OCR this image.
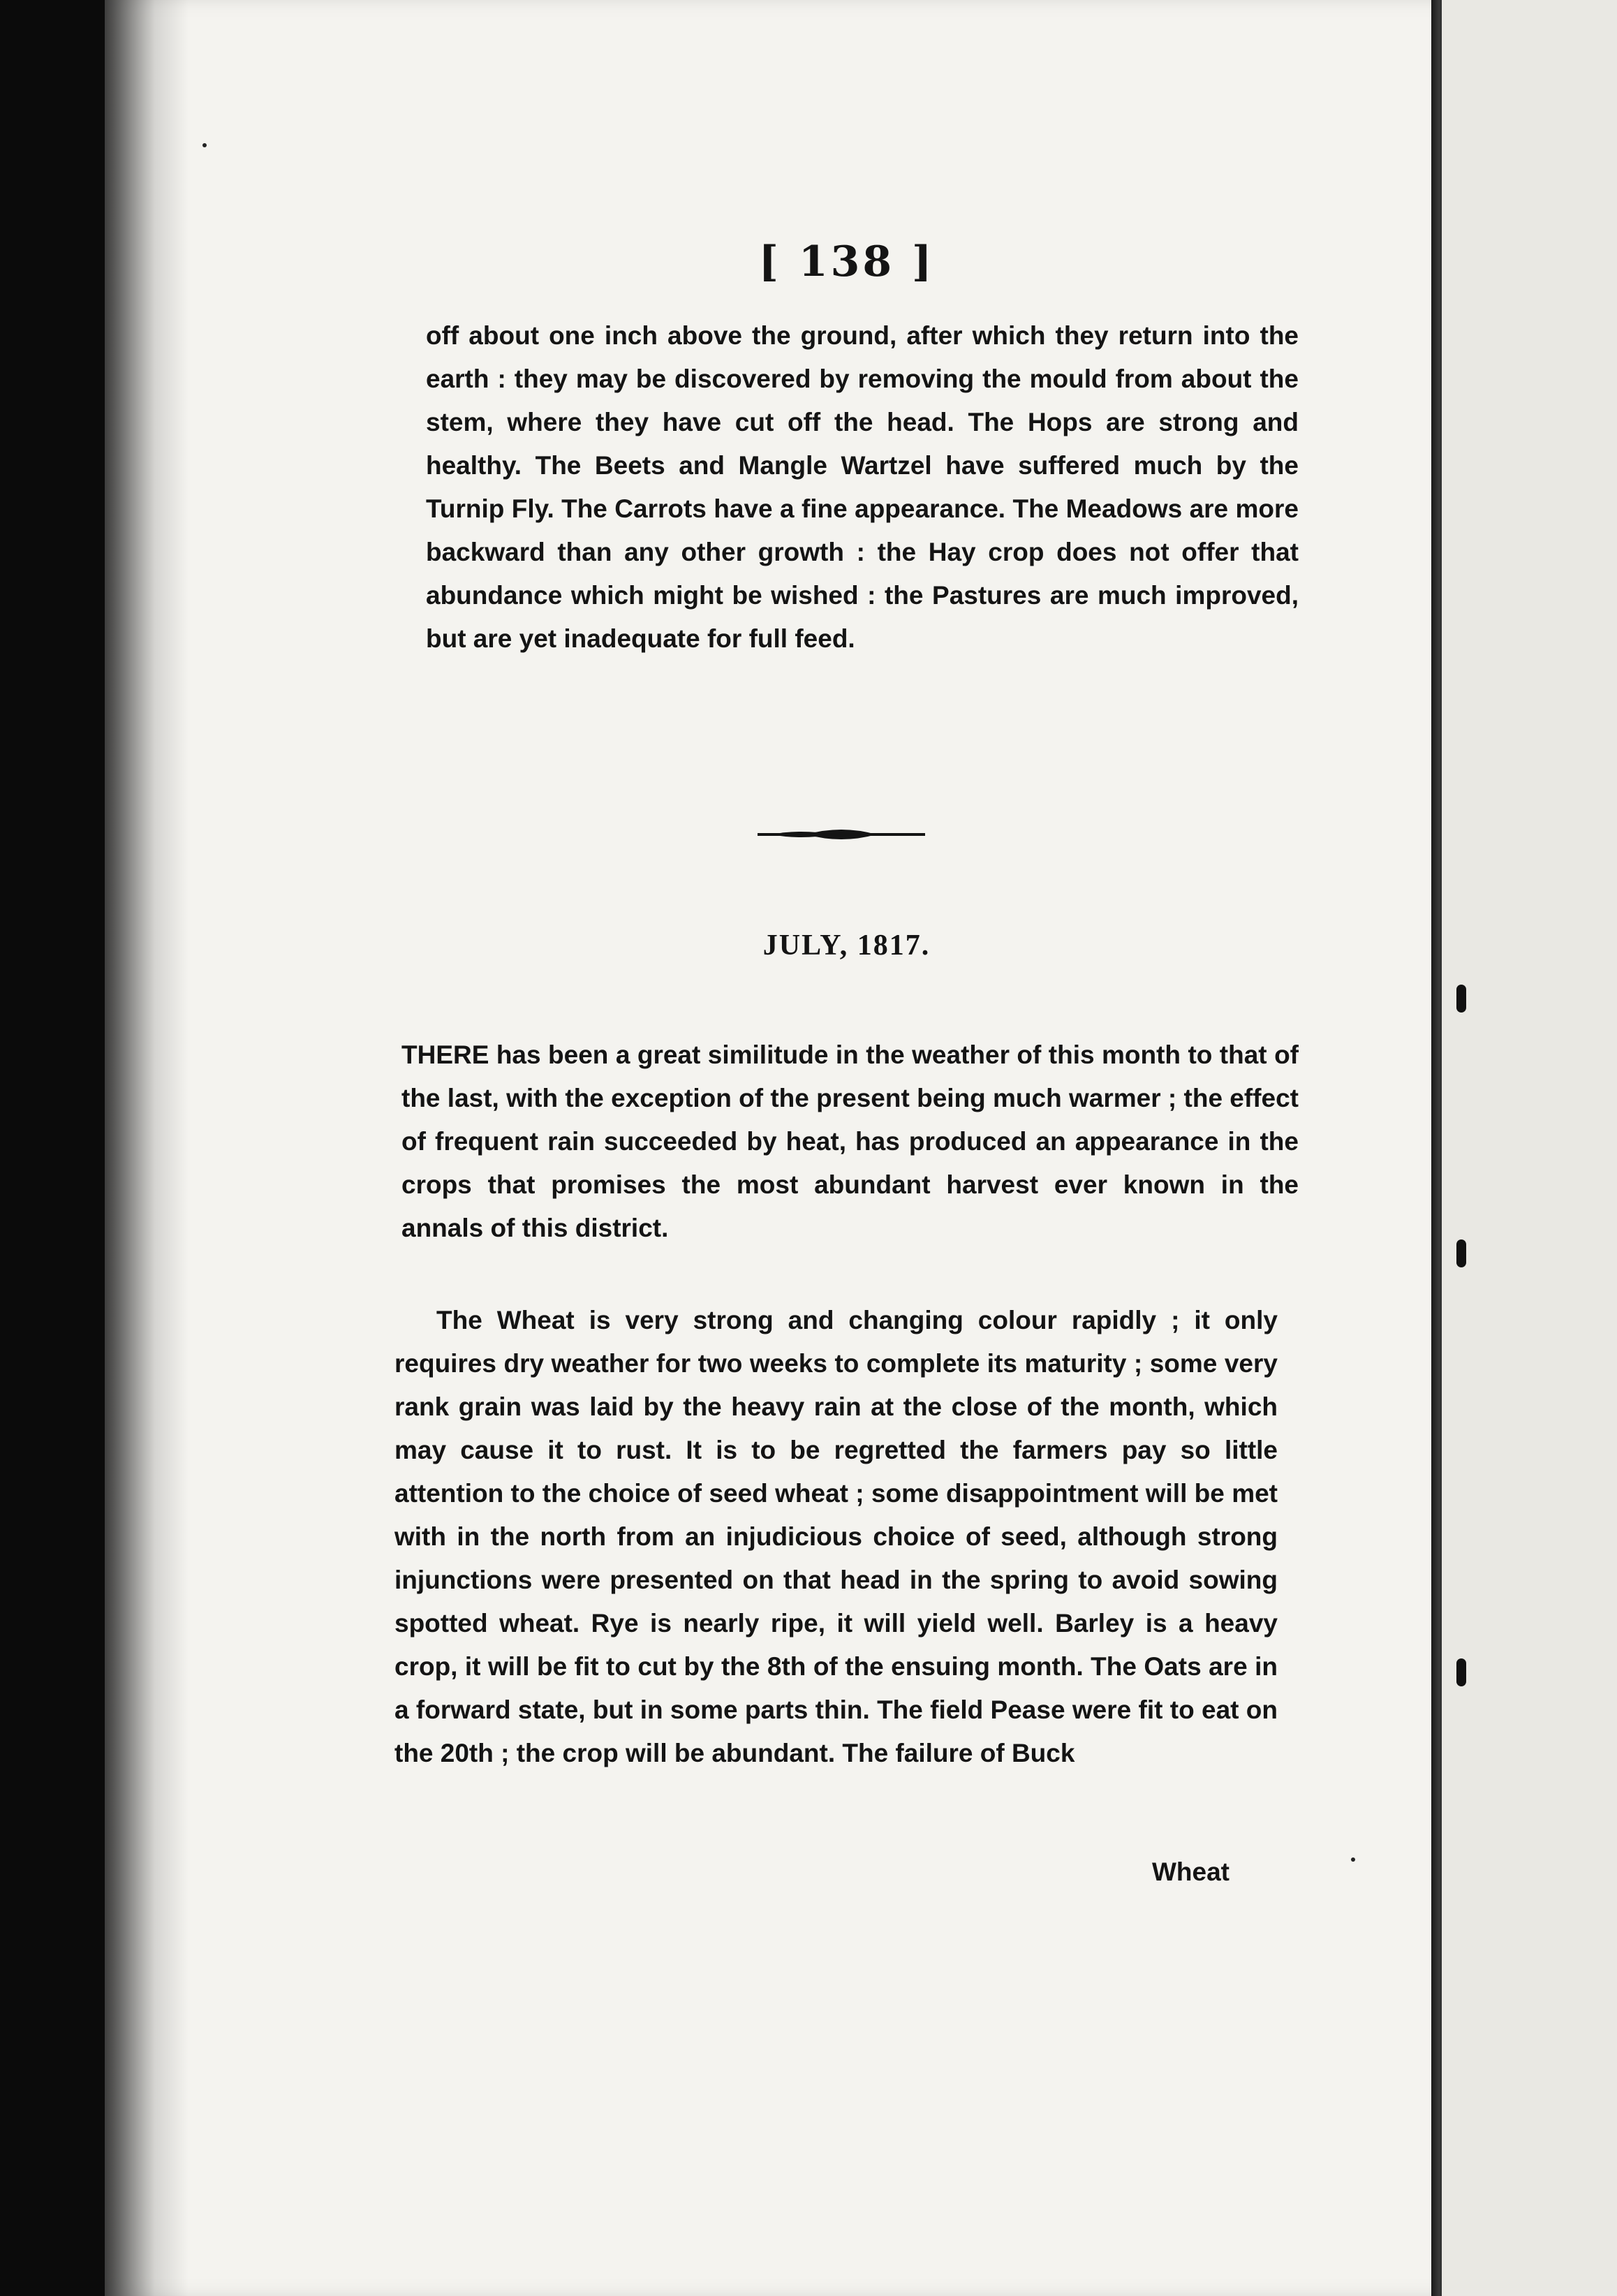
[ 138 ]

off about one inch above the ground, after which they return into the earth : they may be discovered by removing the mould from about the stem, where they have cut off the head. The Hops are strong and healthy. The Beets and Mangle Wartzel have suffered much by the Turnip Fly. The Carrots have a fine appearance. The Meadows are more backward than any other growth : the Hay crop does not offer that abundance which might be wished : the Pastures are much improved, but are yet inadequate for full feed.

JULY, 1817.

THERE has been a great similitude in the weather of this month to that of the last, with the exception of the present being much warmer ; the effect of frequent rain succeeded by heat, has produced an appearance in the crops that promises the most abundant harvest ever known in the annals of this district.

The Wheat is very strong and changing colour rapidly ; it only requires dry weather for two weeks to complete its maturity ; some very rank grain was laid by the heavy rain at the close of the month, which may cause it to rust. It is to be regretted the farmers pay so little attention to the choice of seed wheat ; some disappointment will be met with in the north from an injudicious choice of seed, although strong injunctions were presented on that head in the spring to avoid sowing spotted wheat. Rye is nearly ripe, it will yield well. Barley is a heavy crop, it will be fit to cut by the 8th of the ensuing month. The Oats are in a forward state, but in some parts thin. The field Pease were fit to eat on the 20th ; the crop will be abundant. The failure of Buck

Wheat
